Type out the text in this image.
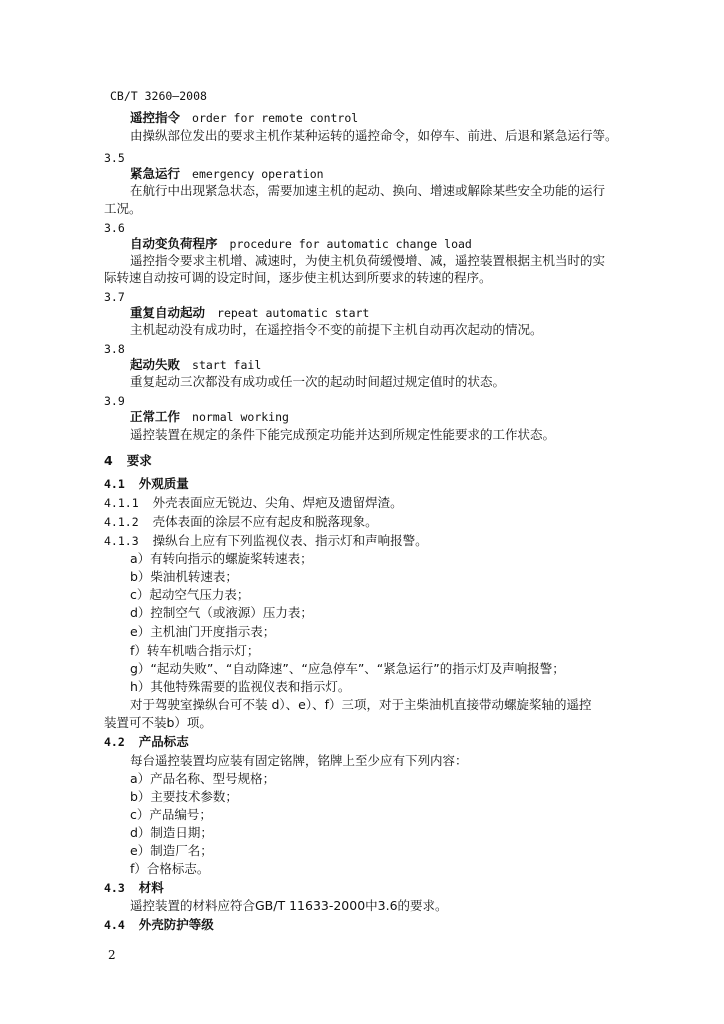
CB/T 3260—2008
遥控指令 order for remote control
由操纵部位发出的要求主机作某种运转的遥控命令，如停车、前进、后退和紧急运行等。
3.5
紧急运行 emergency operation
在航行中出现紧急状态，需要加速主机的起动、换向、增速或解除某些安全功能的运行
工况。
3.6
自动变负荷程序 procedure for automatic change load
遥控指令要求主机增、减速时，为使主机负荷缓慢增、减，遥控装置根据主机当时的实
际转速自动按可调的设定时间，逐步使主机达到所要求的转速的程序。
3.7
重复自动起动 repeat automatic start
主机起动没有成功时，在遥控指令不变的前提下主机自动再次起动的情况。
3.8
起动失败 start fail
重复起动三次都没有成功或任一次的起动时间超过规定值时的状态。
3.9
正常工作 normal working
遥控装置在规定的条件下能完成预定功能并达到所规定性能要求的工作状态。
4 要求
4.1 外观质量
4.1.1 外壳表面应无锐边、尖角、焊疤及遗留焊渣。
4.1.2 壳体表面的涂层不应有起皮和脱落现象。
4.1.3 操纵台上应有下列监视仪表、指示灯和声响报警。
a）有转向指示的螺旋桨转速表；
b）柴油机转速表；
c）起动空气压力表；
d）控制空气（或液源）压力表；
e）主机油门开度指示表；
f）转车机啮合指示灯；
g）“起动失败”、“自动降速”、“应急停车”、“紧急运行”的指示灯及声响报警；
h）其他特殊需要的监视仪表和指示灯。
对于驾驶室操纵台可不装 d）、e）、f）三项，对于主柴油机直接带动螺旋桨轴的遥控
装置可不装b）项。
4.2 产品标志
每台遥控装置均应装有固定铭牌，铭牌上至少应有下列内容：
a）产品名称、型号规格；
b）主要技术参数；
c）产品编号；
d）制造日期；
e）制造厂名；
f）合格标志。
4.3 材料
遥控装置的材料应符合GB/T 11633-2000中3.6的要求。
4.4 外壳防护等级
2
